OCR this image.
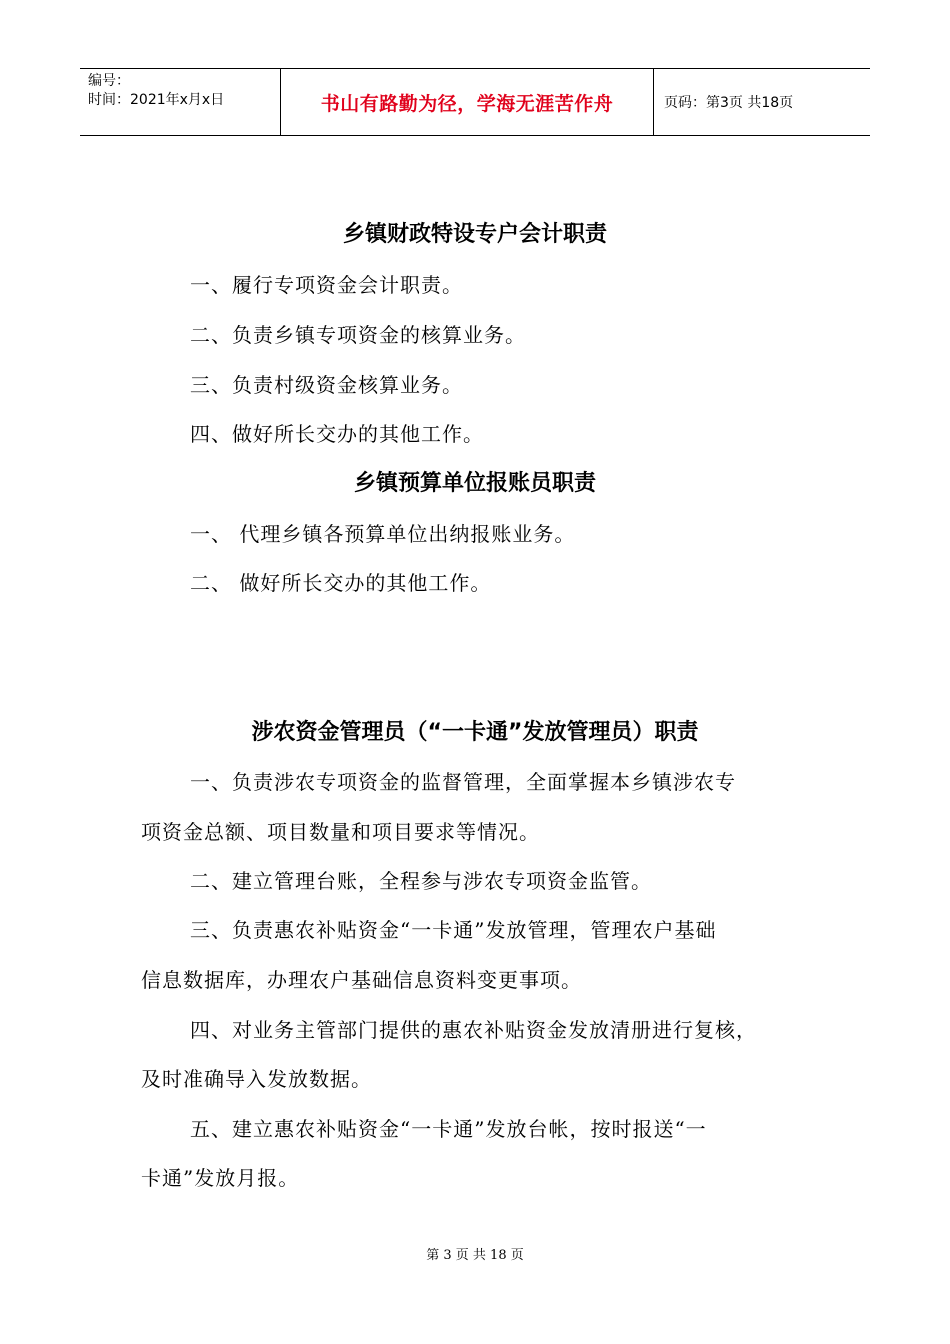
编号：
时间：2021年x月x日	书山有路勤为径，学海无涯苦作舟	页码：第3页 共18页
乡镇财政特设专户会计职责

一、履行专项资金会计职责。

二、负责乡镇专项资金的核算业务。

三、负责村级资金核算业务。

四、做好所长交办的其他工作。

乡镇预算单位报账员职责

一、 代理乡镇各预算单位出纳报账业务。

二、 做好所长交办的其他工作。

涉农资金管理员（“一卡通”发放管理员）职责

一、负责涉农专项资金的监督管理，全面掌握本乡镇涉农专

项资金总额、项目数量和项目要求等情况。

二、建立管理台账，全程参与涉农专项资金监管。

三、负责惠农补贴资金“一卡通”发放管理，管理农户基础

信息数据库，办理农户基础信息资料变更事项。

四、对业务主管部门提供的惠农补贴资金发放清册进行复核，

及时准确导入发放数据。

五、建立惠农补贴资金“一卡通”发放台帐，按时报送“一

卡通”发放月报。

第 3 页 共 18 页
